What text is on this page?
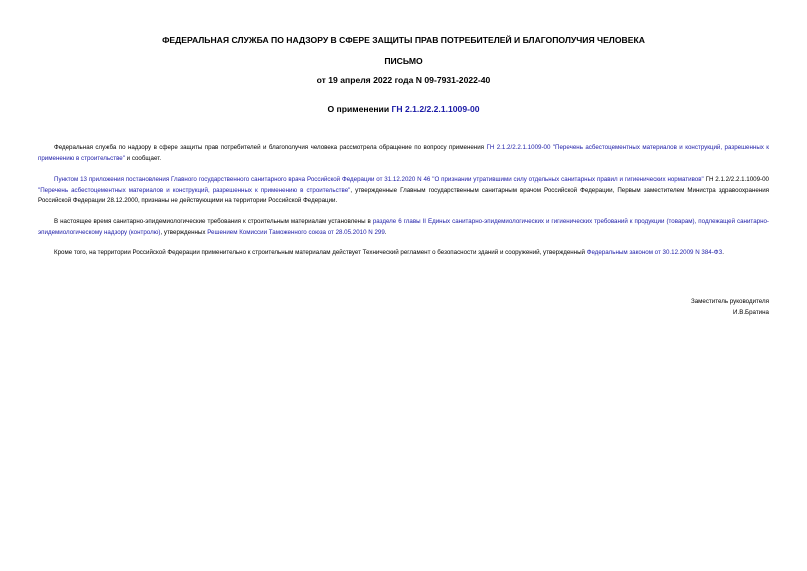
ФЕДЕРАЛЬНАЯ СЛУЖБА ПО НАДЗОРУ В СФЕРЕ ЗАЩИТЫ ПРАВ ПОТРЕБИТЕЛЕЙ И БЛАГОПОЛУЧИЯ ЧЕЛОВЕКА
ПИСЬМО
от 19 апреля 2022 года N 09-7931-2022-40
О применении ГН 2.1.2/2.2.1.1009-00

Федеральная служба по надзору в сфере защиты прав потребителей и благополучия человека рассмотрела обращение по вопросу применения ГН 2.1.2/2.2.1.1009-00 "Перечень асбестоцементных материалов и конструкций, разрешенных к применению в строительстве" и сообщает.

Пунктом 13 приложения постановления Главного государственного санитарного врача Российской Федерации от 31.12.2020 N 46 "О признании утратившими силу отдельных санитарных правил и гигиенических нормативов" ГН 2.1.2/2.2.1.1009-00 "Перечень асбестоцементных материалов и конструкций, разрешенных к применению в строительстве", утвержденные Главным государственным санитарным врачом Российской Федерации, Первым заместителем Министра здравоохранения Российской Федерации 28.12.2000, признаны не действующими на территории Российской Федерации.

В настоящее время санитарно-эпидемиологические требования к строительным материалам установлены в разделе 6 главы II Единых санитарно-эпидемиологических и гигиенических требований к продукции (товарам), подлежащей санитарно-эпидемиологическому надзору (контролю), утвержденных Решением Комиссии Таможенного союза от 28.05.2010 N 299.

Кроме того, на территории Российской Федерации применительно к строительным материалам действует Технический регламент о безопасности зданий и сооружений, утвержденный Федеральным законом от 30.12.2009 N 384-ФЗ.

Заместитель руководителя
И.В.Братина
